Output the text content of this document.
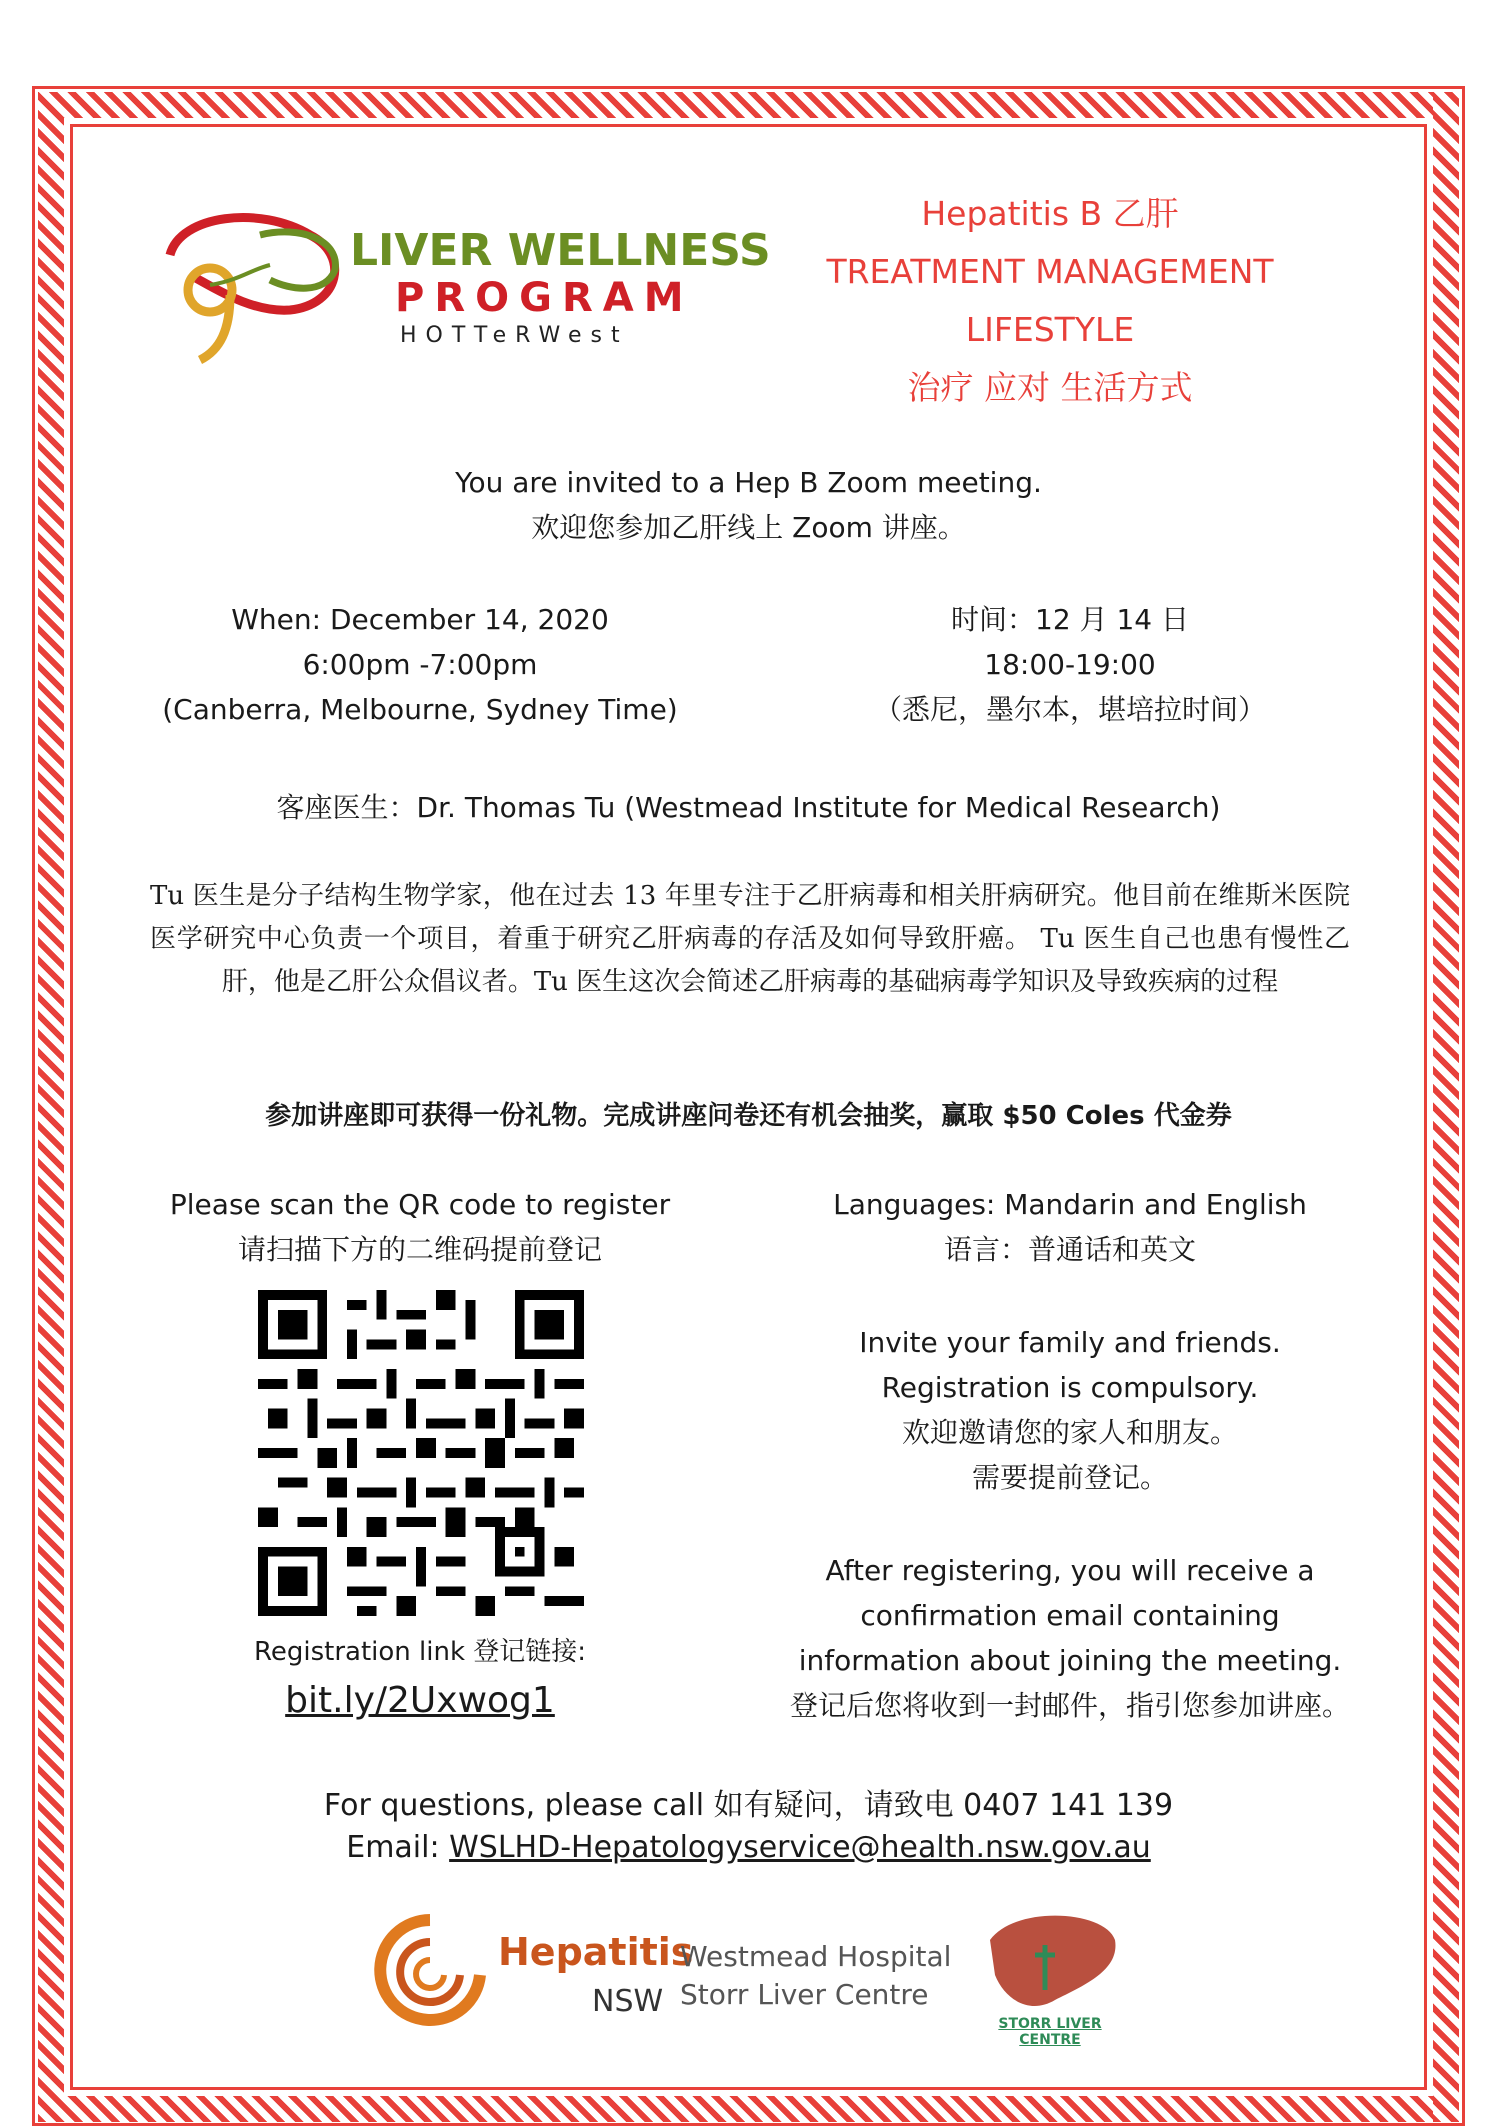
LIVER WELLNESS
PROGRAM
HOTTeRWest
Hepatitis B 乙肝
TREATMENT MANAGEMENT
LIFESTYLE
治疗 应对 生活方式
You are invited to a Hep B Zoom meeting.
欢迎您参加乙肝线上 Zoom 讲座。
When: December 14, 2020
6:00pm -7:00pm
(Canberra, Melbourne, Sydney Time)
时间：12 月 14 日
18:00-19:00
（悉尼，墨尔本，堪培拉时间）
客座医生：Dr. Thomas Tu (Westmead Institute for Medical Research)
Tu 医生是分子结构生物学家，他在过去 13 年里专注于乙肝病毒和相关肝病研究。他目前在维斯米医院医学研究中心负责一个项目，着重于研究乙肝病毒的存活及如何导致肝癌。 Tu 医生自己也患有慢性乙肝，他是乙肝公众倡议者。Tu 医生这次会简述乙肝病毒的基础病毒学知识及导致疾病的过程
参加讲座即可获得一份礼物。完成讲座问卷还有机会抽奖，赢取 $50 Coles 代金券
Please scan the QR code to register
请扫描下方的二维码提前登记
Registration link 登记链接:
bit.ly/2Uxwog1
Languages: Mandarin and English
语言：普通话和英文
Invite your family and friends.
Registration is compulsory.
欢迎邀请您的家人和朋友。
需要提前登记。
After registering, you will receive a
confirmation email containing
information about joining the meeting.
登记后您将收到一封邮件，指引您参加讲座。
For questions, please call 如有疑问，请致电 0407 141 139
Email: WSLHD-Hepatologyservice@health.nsw.gov.au
Hepatitis
NSW
Westmead Hospital
Storr Liver Centre
STORR LIVER CENTRE
